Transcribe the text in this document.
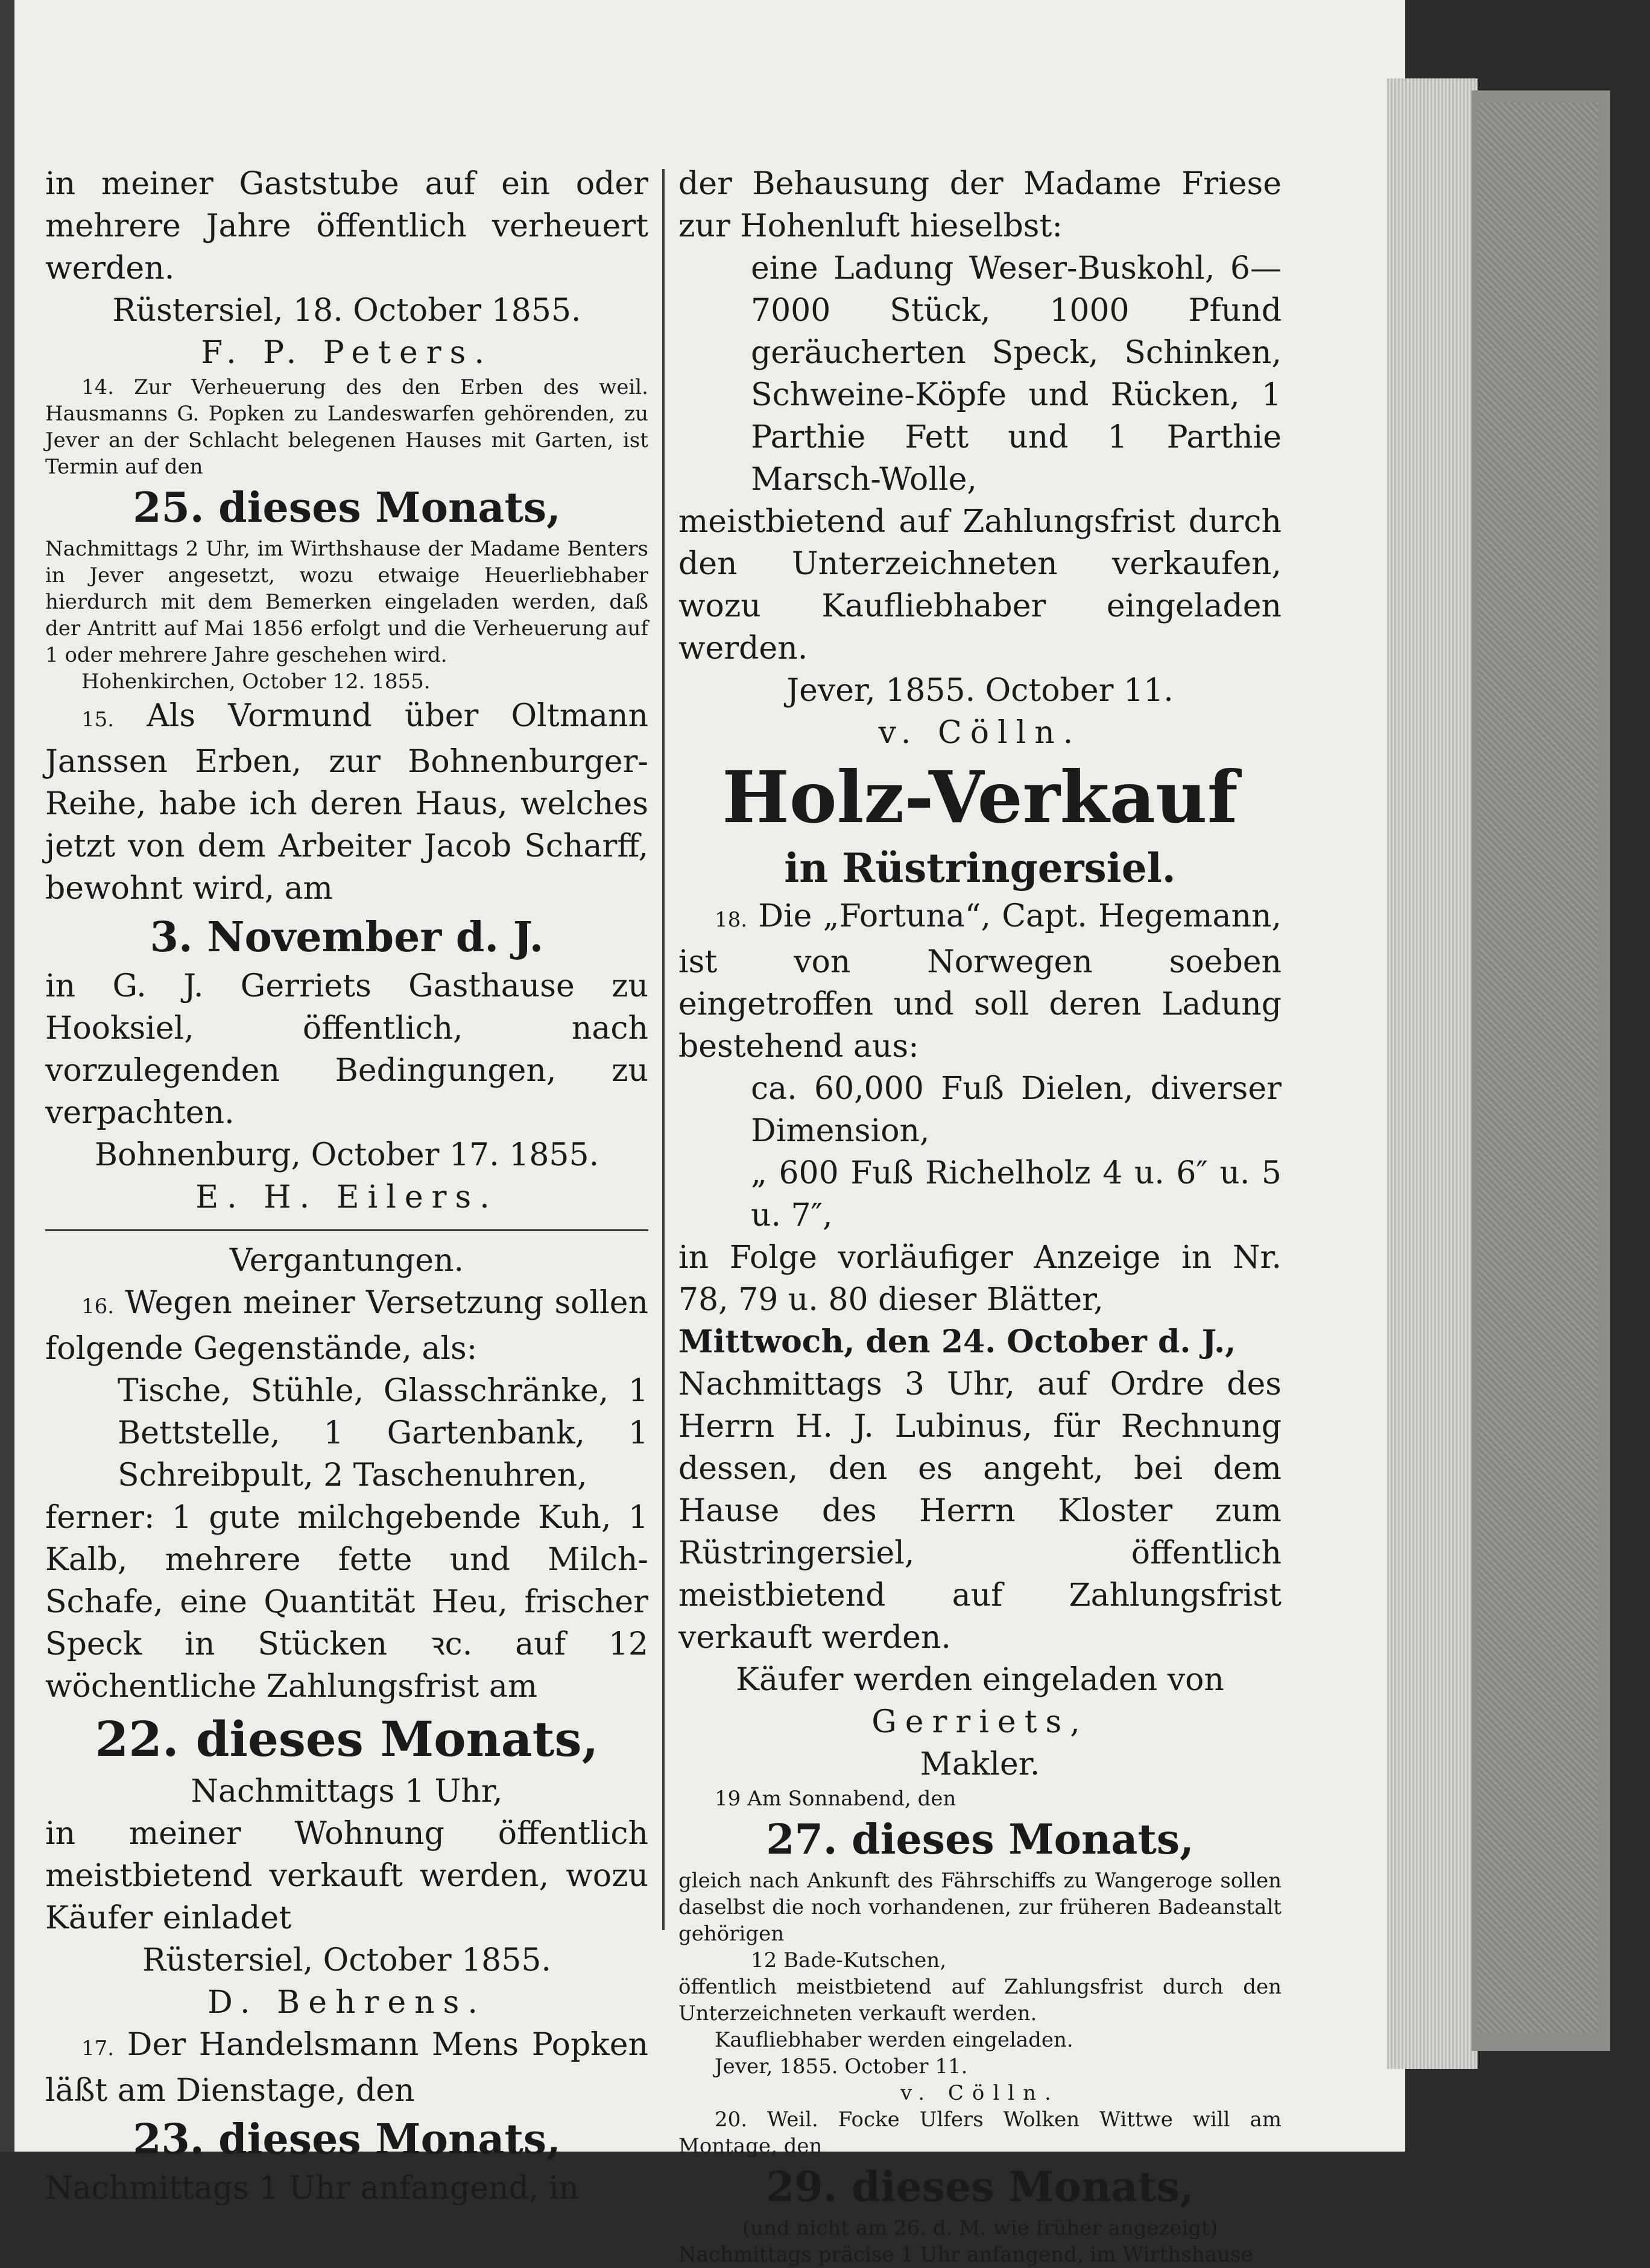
in meiner Gaststube auf ein oder mehrere Jahre öffentlich verheuert werden.

Rüstersiel, 18. October 1855.

F. P. Peters.

14. Zur Verheuerung des den Erben des weil. Hausmanns G. Popken zu Landeswarfen gehörenden, zu Jever an der Schlacht belegenen Hauses mit Garten, ist Termin auf den

25. dieses Monats,

Nachmittags 2 Uhr, im Wirthshause der Madame Benters in Jever angesetzt, wozu etwaige Heuerliebhaber hierdurch mit dem Bemerken eingeladen werden, daß der Antritt auf Mai 1856 erfolgt und die Verheuerung auf 1 oder mehrere Jahre geschehen wird.

Hohenkirchen, October 12. 1855.

15. Als Vormund über Oltmann Janssen Erben, zur Bohnenburger-Reihe, habe ich deren Haus, welches jetzt von dem Arbeiter Jacob Scharff, bewohnt wird, am

3. November d. J.

in G. J. Gerriets Gasthause zu Hooksiel, öffentlich, nach vorzulegenden Bedingungen, zu verpachten.

Bohnenburg, October 17. 1855.

E. H. Eilers.

Vergantungen.

16. Wegen meiner Versetzung sollen folgende Gegenstände, als:

Tische, Stühle, Glasschränke, 1 Bettstelle, 1 Gartenbank, 1 Schreibpult, 2 Taschenuhren,

ferner: 1 gute milchgebende Kuh, 1 Kalb, mehrere fette und Milch-Schafe, eine Quantität Heu, frischer Speck in Stücken ꝛc. auf 12 wöchentliche Zahlungsfrist am

22. dieses Monats,

Nachmittags 1 Uhr,

in meiner Wohnung öffentlich meistbietend verkauft werden, wozu Käufer einladet

Rüstersiel, October 1855.

D. Behrens.

17. Der Handelsmann Mens Popken läßt am Dienstage, den

23. dieses Monats,

Nachmittags 1 Uhr anfangend, in

der Behausung der Madame Friese zur Hohenluft hieselbst:

eine Ladung Weser-Buskohl, 6—7000 Stück, 1000 Pfund geräucherten Speck, Schinken, Schweine-Köpfe und Rücken, 1 Parthie Fett und 1 Parthie Marsch-Wolle,

meistbietend auf Zahlungsfrist durch den Unterzeichneten verkaufen, wozu Kaufliebhaber eingeladen werden.

Jever, 1855. October 11.

v. Cölln.

Holz-Verkauf

in Rüstringersiel.

18. Die „Fortuna“, Capt. Hegemann, ist von Norwegen soeben eingetroffen und soll deren Ladung bestehend aus:

ca. 60,000 Fuß Dielen, diverser Dimension,

„ 600 Fuß Richelholz 4 u. 6″ u. 5 u. 7″,

in Folge vorläufiger Anzeige in Nr. 78, 79 u. 80 dieser Blätter,

Mittwoch, den 24. October d. J.,

Nachmittags 3 Uhr, auf Ordre des Herrn H. J. Lubinus, für Rechnung dessen, den es angeht, bei dem Hause des Herrn Kloster zum Rüstringersiel, öffentlich meistbietend auf Zahlungsfrist verkauft werden.

Käufer werden eingeladen von

Gerriets,

Makler.

19 Am Sonnabend, den

27. dieses Monats,

gleich nach Ankunft des Fährschiffs zu Wangeroge sollen daselbst die noch vorhandenen, zur früheren Badeanstalt gehörigen

12 Bade-Kutschen,

öffentlich meistbietend auf Zahlungsfrist durch den Unterzeichneten verkauft werden.

Kaufliebhaber werden eingeladen.

Jever, 1855. October 11.

v. Cölln.

20. Weil. Focke Ulfers Wolken Wittwe will am Montage, den

29. dieses Monats,

(und nicht am 26. d. M. wie früher angezeigt)

Nachmittags präcise 1 Uhr anfangend, im Wirthshause
